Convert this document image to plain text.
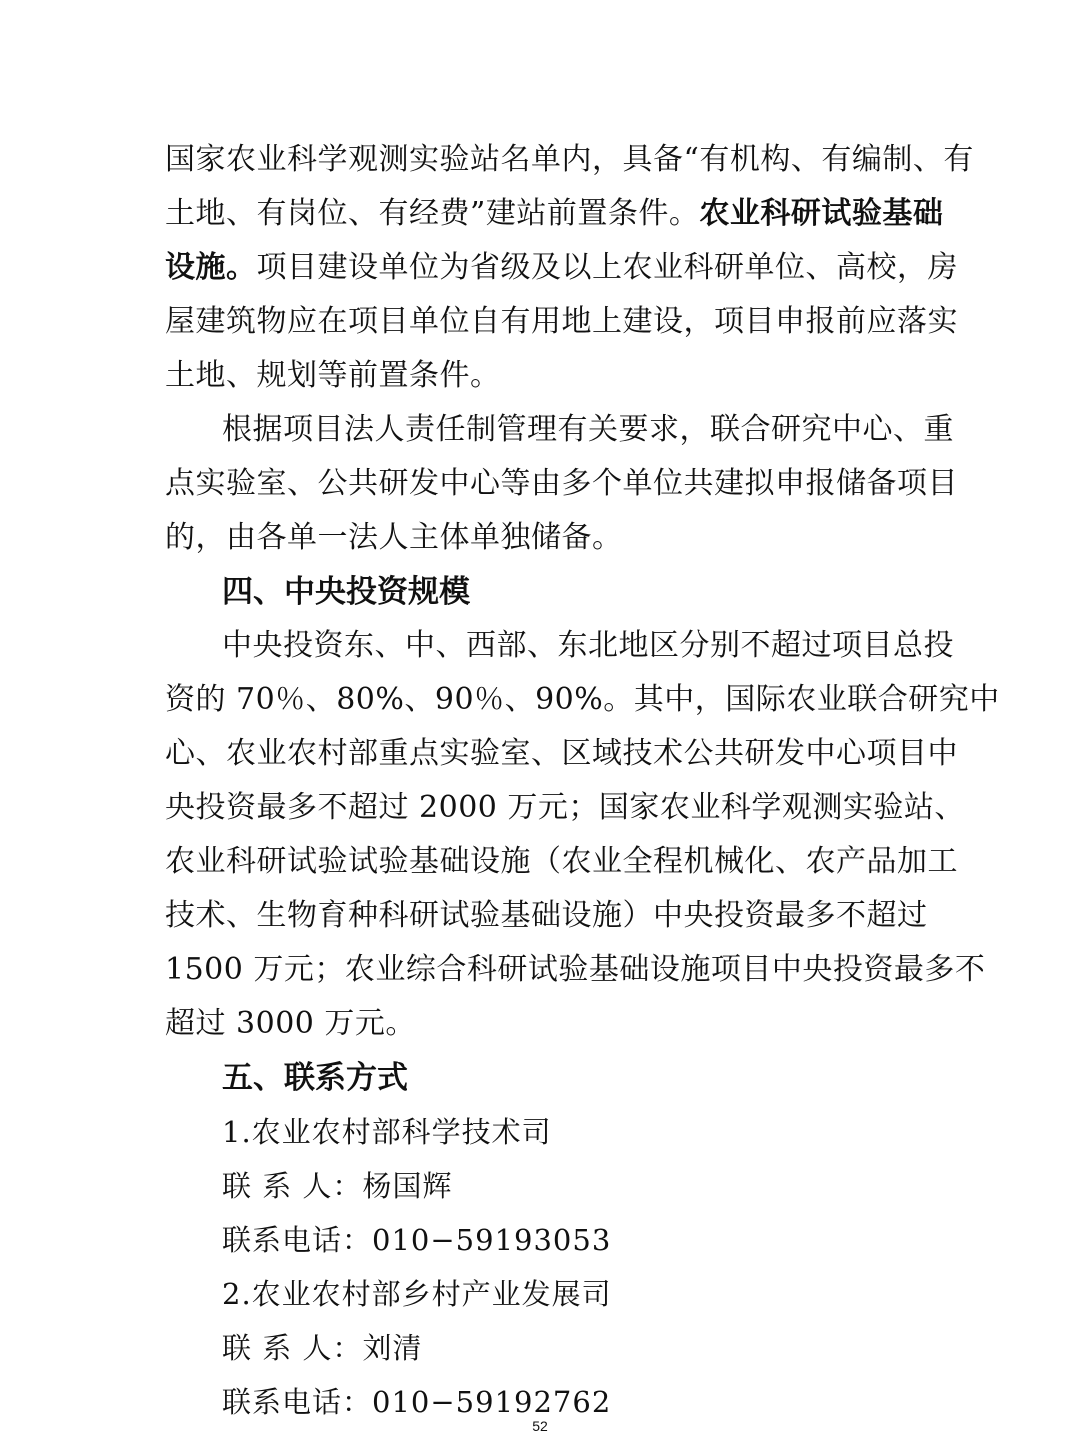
国家农业科学观测实验站名单内，具备“有机构、有编制、有
土地、有岗位、有经费”建站前置条件。农业科研试验基础
设施。项目建设单位为省级及以上农业科研单位、高校，房
屋建筑物应在项目单位自有用地上建设，项目申报前应落实
土地、规划等前置条件。
根据项目法人责任制管理有关要求，联合研究中心、重
点实验室、公共研发中心等由多个单位共建拟申报储备项目
的，由各单一法人主体单独储备。
四、中央投资规模
中央投资东、中、西部、东北地区分别不超过项目总投
资的 70％、80%、90％、90%。其中，国际农业联合研究中
心、农业农村部重点实验室、区域技术公共研发中心项目中
央投资最多不超过 2000 万元；国家农业科学观测实验站、
农业科研试验试验基础设施（农业全程机械化、农产品加工
技术、生物育种科研试验基础设施）中央投资最多不超过
1500 万元；农业综合科研试验基础设施项目中央投资最多不
超过 3000 万元。
五、联系方式
1.农业农村部科学技术司
联 系 人：杨国辉
联系电话：010−59193053
2.农业农村部乡村产业发展司
联 系 人：刘清
联系电话：010−59192762
52
